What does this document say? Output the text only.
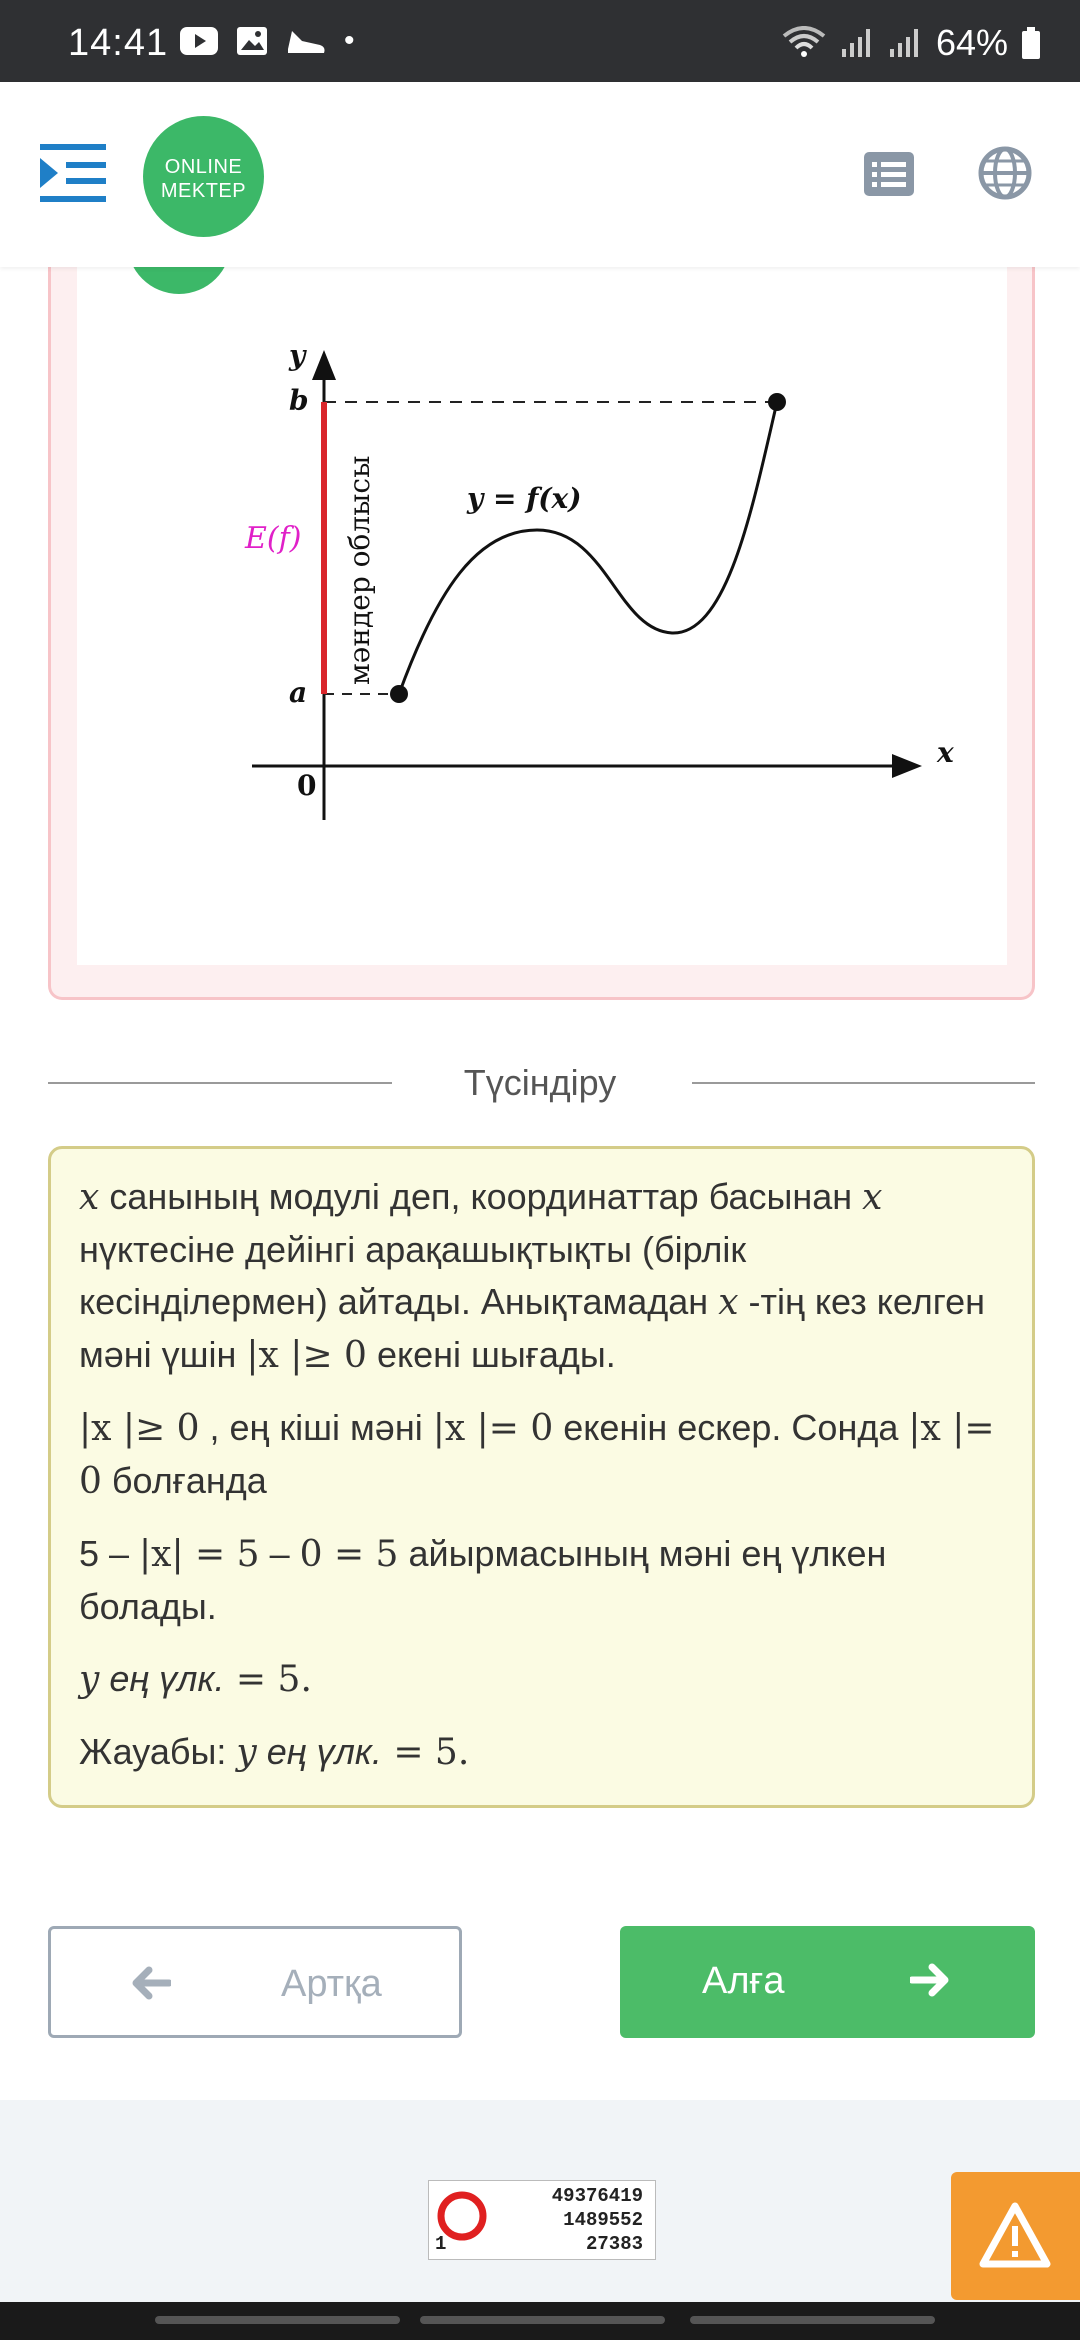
14:41	•	64%
ONLINE
MEKTEP
y
x
0
b
a
E(f) мәндер облысы	y = f(x)
Түсіндіру

x санының модулі деп, координаттар басынан x нүктесіне дейінгі арақашықтықты (бірлік кесінділермен) айтады. Анықтамадан x -тің кез келген мәні үшін |x |≥ 0 екені шығады.

|x |≥ 0 , ең кіші мәні |x |= 0 екенін ескер. Сонда |x |= 0 болғанда

5 – |x| = 5 – 0 = 5 айырмасының мәні ең үлкен болады.

y ең үлк. = 5.

Жауабы: y ең үлк. = 5.

Артқа	Алға
49376419
1489552
27383
1
